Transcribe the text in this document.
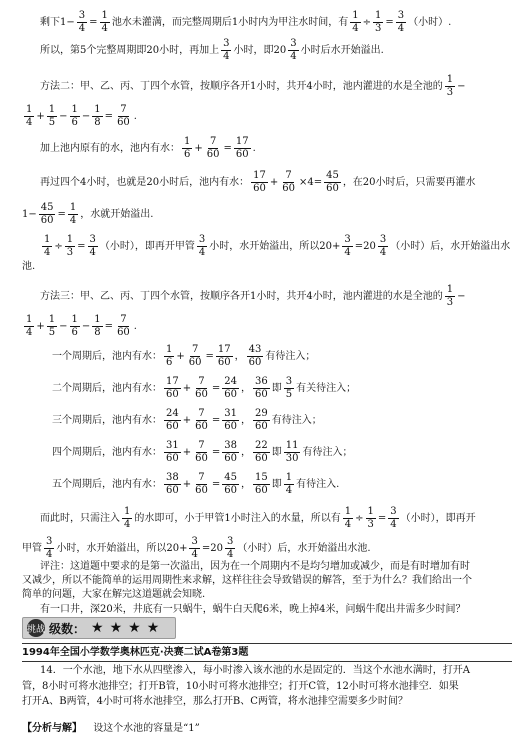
剩下$1- \frac{3}{4} = \frac{1}{4}$ 池水未灌满，而完整周期后1小时内为甲注水时间，有 $\frac{1}{4} \div \frac{1}{3} = \frac{3}{4}$ （小时）.
所以，第5个完整周期即20小时，再加上 $\frac{3}{4}$ 小时，即$20 \frac{3}{4}$ 小时后水开始溢出.
方法二：甲、乙、丙、丁四个水管，按顺序各开1小时，共开4小时，池内灌进的水是全池的 $\frac{1}{3}$ −
$\frac{1}{4} + \frac{1}{5} - \frac{1}{6} - \frac{1}{8} = \frac{7}{60}$ .
加上池内原有的水，池内有水： $\frac{1}{6} + \frac{7}{60} = \frac{17}{60}$ .
再过四个4小时，也就是20小时后，池内有水： $\frac{17}{60} + \frac{7}{60} \times 4= \frac{45}{60}$ ，在20小时后，只需要再灌水
$1- \frac{45}{60} = \frac{1}{4}$ ，水就开始溢出.
$\frac{1}{4} \div \frac{1}{3} = \frac{3}{4}$ （小时），即再开甲管 $\frac{3}{4}$ 小时，水开始溢出，所以$20+ \frac{3}{4} =20 \frac{3}{4}$ （小时）后，水开始溢出水
池.
方法三：甲、乙、丙、丁四个水管，按顺序各开1小时，共开4小时，池内灌进的水是全池的 $\frac{1}{3}$ −
$\frac{1}{4} + \frac{1}{5} - \frac{1}{6} - \frac{1}{8} = \frac{7}{60}$ .
一个周期后，池内有水： $\frac{1}{6} + \frac{7}{60} = \frac{17}{60}$ ， $\frac{43}{60}$ 有待注入；
二个周期后，池内有水： $\frac{17}{60} + \frac{7}{60} = \frac{24}{60}$ ， $\frac{36}{60}$ 即 $\frac{3}{5}$ 有关待注入；
三个周期后，池内有水： $\frac{24}{60} + \frac{7}{60} = \frac{31}{60}$ ， $\frac{29}{60}$ 有待注入；
四个周期后，池内有水： $\frac{31}{60} + \frac{7}{60} = \frac{38}{60}$ ， $\frac{22}{60}$ 即 $\frac{11}{30}$ 有待注入；
五个周期后，池内有水： $\frac{38}{60} + \frac{7}{60} = \frac{45}{60}$ ， $\frac{15}{60}$ 即 $\frac{1}{4}$ 有待注入.
而此时，只需注入 $\frac{1}{4}$ 的水即可，小于甲管1小时注入的水量，所以有 $\frac{1}{4} \div \frac{1}{3} = \frac{3}{4}$ （小时），即再开
甲管 $\frac{3}{4}$ 小时，水开始溢出，所以$20+ \frac{3}{4} =20 \frac{3}{4}$ （小时）后，水开始溢出水池.
评注：这道题中要求的是第一次溢出，因为在一个周期内不是均匀增加或减少，而是有时增加有时
又减少，所以不能简单的运用周期性来求解，这样往往会导致错误的解答，至于为什么？我们给出一个
简单的问题，大家在解完这道题就会知晓.
有一口井，深20米，井底有一只蜗牛，蜗牛白天爬6米，晚上掉4米，问蜗牛爬出井需多少时间？
挑战 级数： ★ ★ ★ ★
1994年全国小学数学奥林匹克·决赛二试A卷第3题
14．一个水池，地下水从四壁渗入，每小时渗入该水池的水是固定的．当这个水池水满时，打开A
管，8小时可将水池排空；打开B管，10小时可将水池排空；打开C管，12小时可将水池排空．如果
打开A、B两管，4小时可将水池排空，那么打开B、C两管，将水池排空需要多少时间？
【分析与解】 设这个水池的容量是“1”
